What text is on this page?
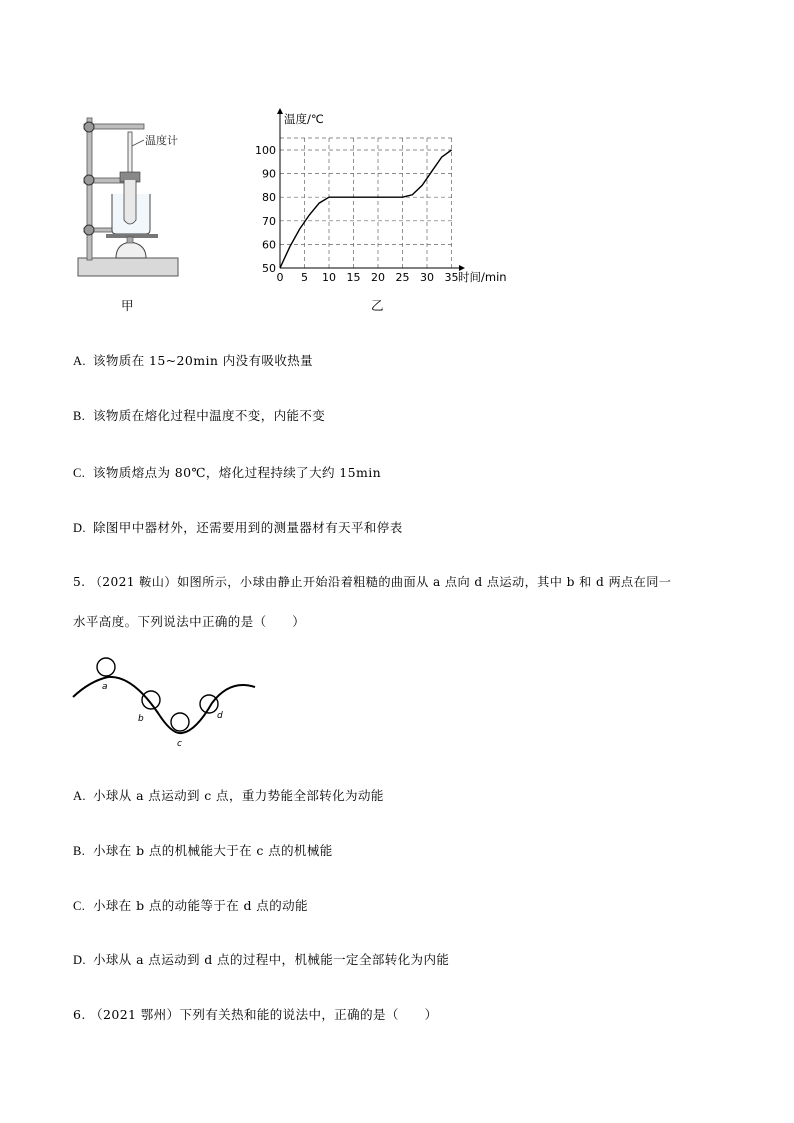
温度计
甲
0 5 10 15 20 25 30 35
50
60
70
80
90
100
温度/℃
时间/min
乙
A. 该物质在 15~20min 内没有吸收热量
B. 该物质在熔化过程中温度不变，内能不变
C. 该物质熔点为 80℃，熔化过程持续了大约 15min
D. 除图甲中器材外，还需要用到的测量器材有天平和停表
5. （2021 鞍山）如图所示，小球由静止开始沿着粗糙的曲面从 a 点向 d 点运动，其中 b 和 d 两点在同一
水平高度。下列说法中正确的是（　　）
a
b
c
d
A. 小球从 a 点运动到 c 点，重力势能全部转化为动能
B. 小球在 b 点的机械能大于在 c 点的机械能
C. 小球在 b 点的动能等于在 d 点的动能
D. 小球从 a 点运动到 d 点的过程中，机械能一定全部转化为内能
6. （2021 鄂州）下列有关热和能的说法中，正确的是（　　）
